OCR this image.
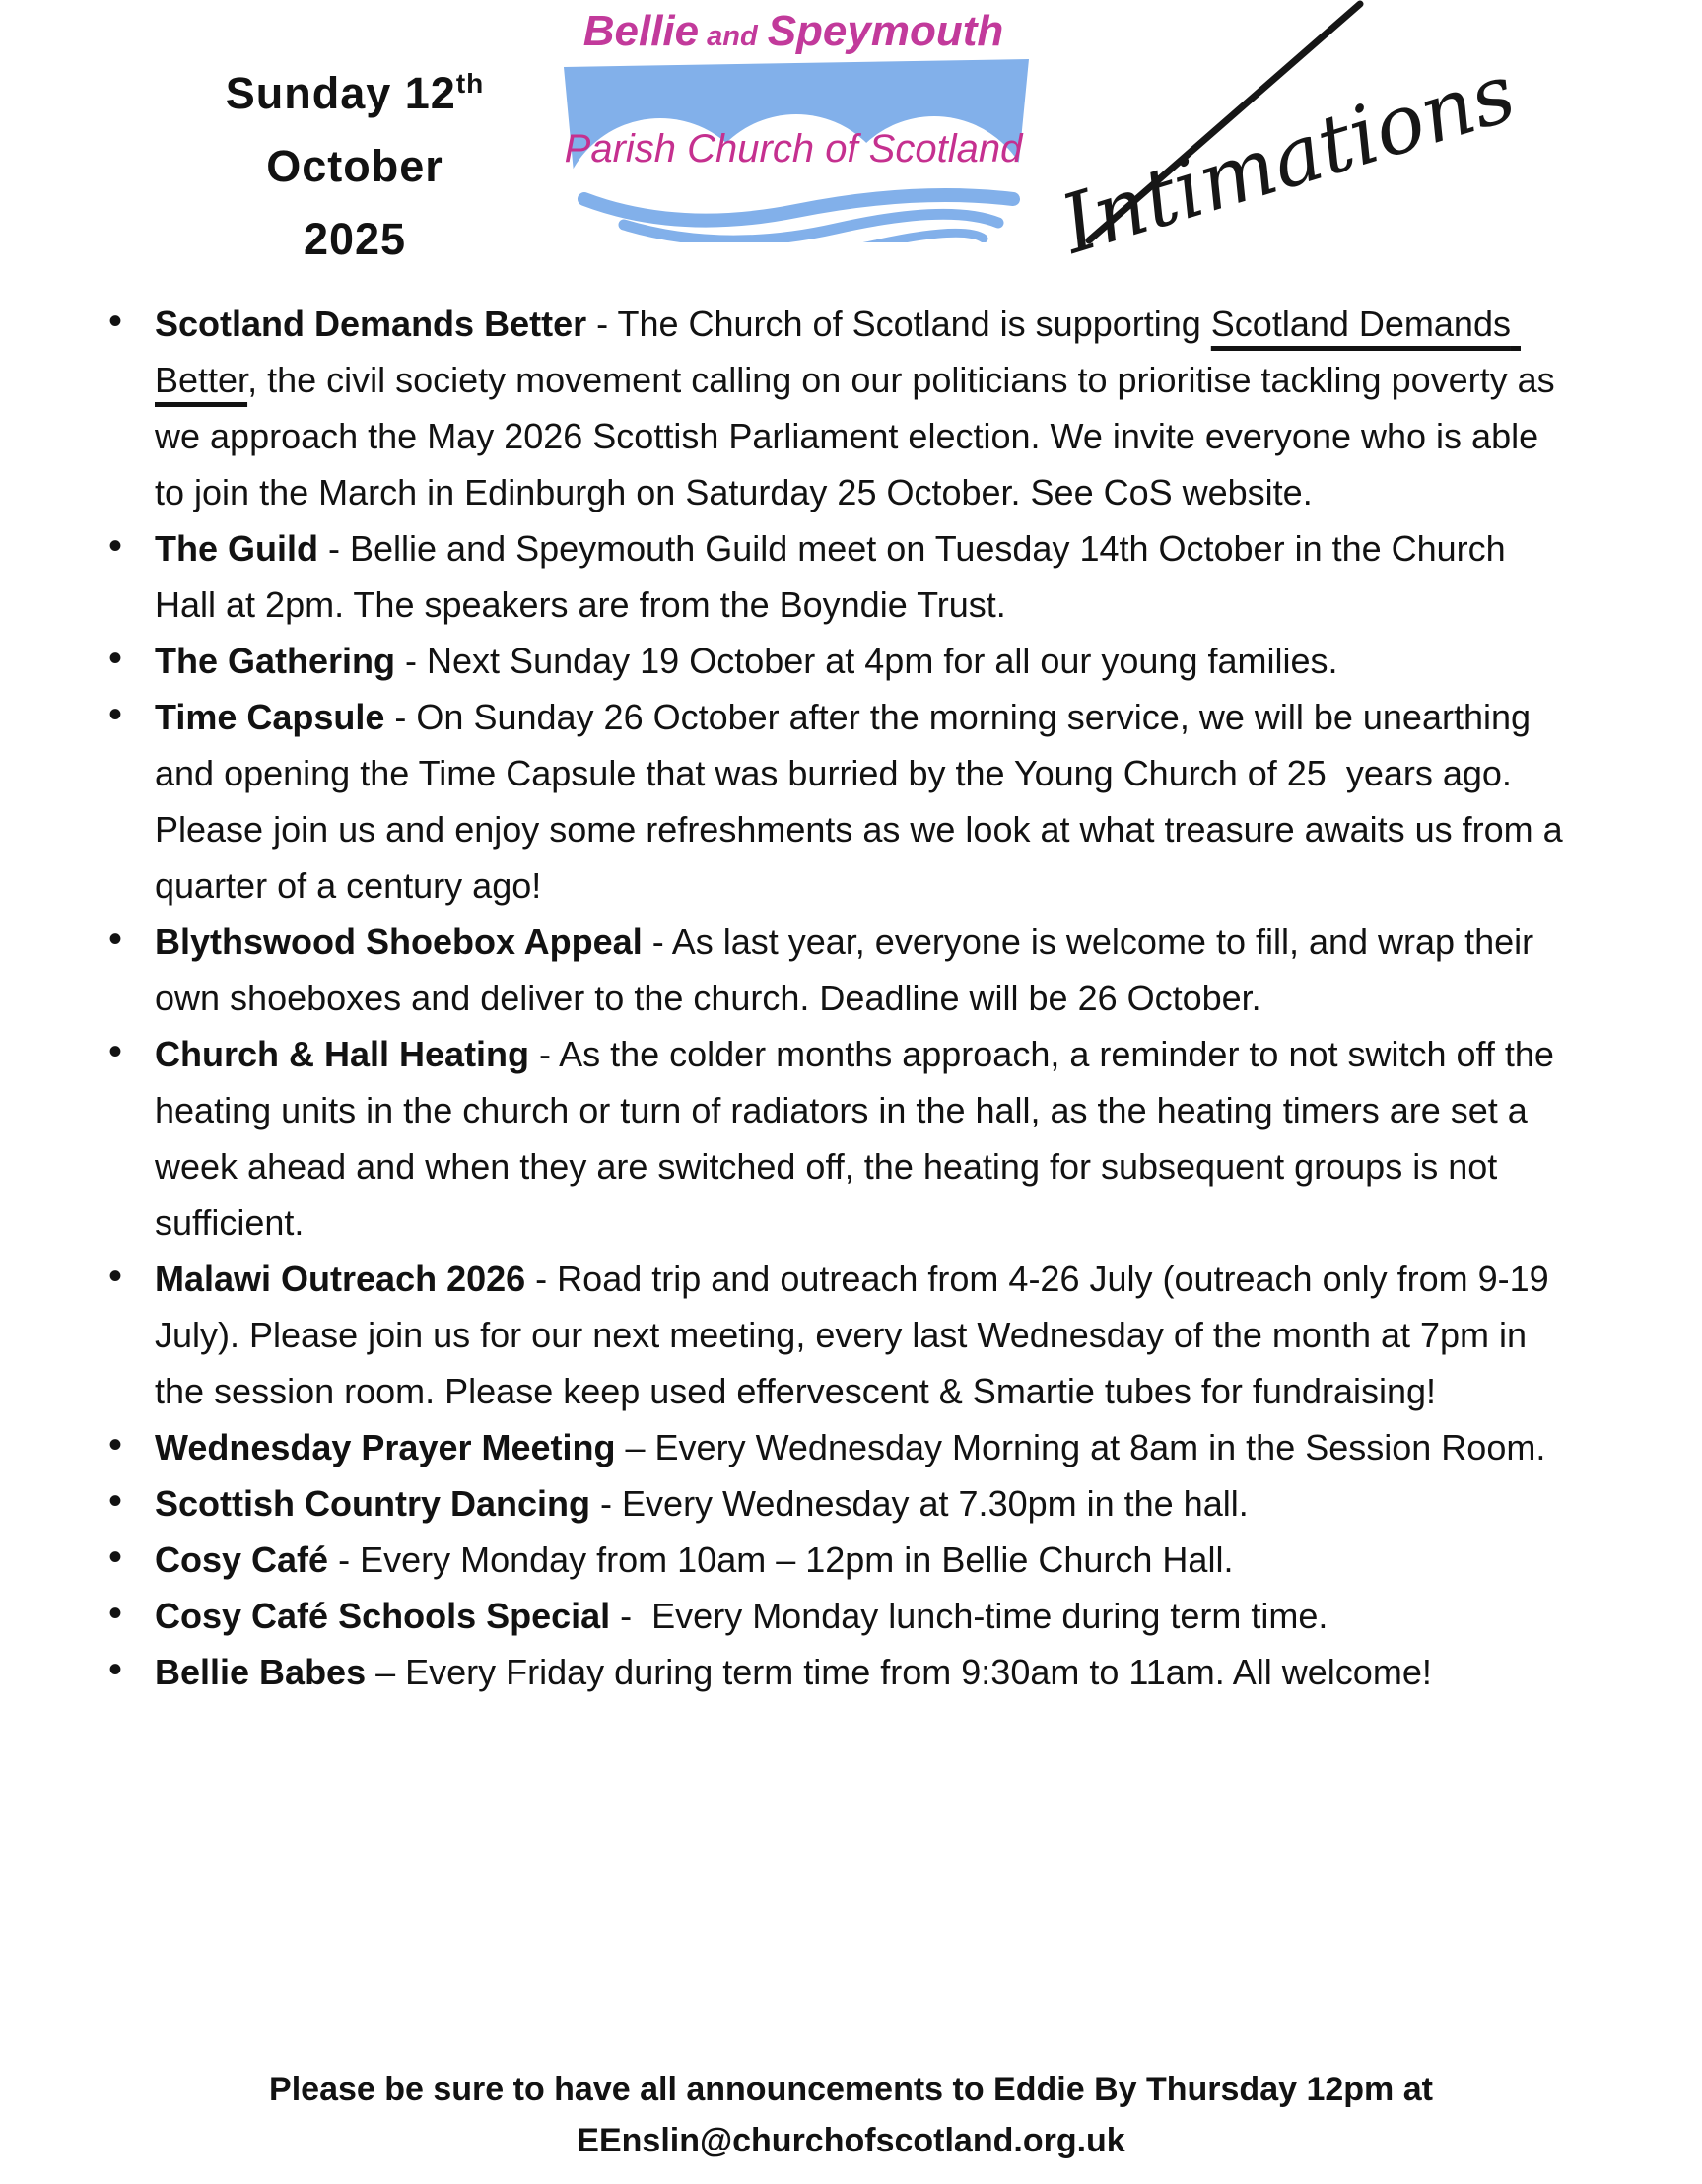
Sunday 12th
October
2025
Bellie and Speymouth
Parish Church of Scotland Intimations
• Scotland Demands Better - The Church of Scotland is supporting Scotland Demands Better, the civil society movement calling on our politicians to prioritise tackling poverty as we approach the May 2026 Scottish Parliament election. We invite everyone who is able to join the March in Edinburgh on Saturday 25 October. See CoS website.
• The Guild - Bellie and Speymouth Guild meet on Tuesday 14th October in the Church Hall at 2pm. The speakers are from the Boyndie Trust.
• The Gathering - Next Sunday 19 October at 4pm for all our young families.
• Time Capsule - On Sunday 26 October after the morning service, we will be unearthing and opening the Time Capsule that was burried by the Young Church of 25  years ago. Please join us and enjoy some refreshments as we look at what treasure awaits us from a quarter of a century ago!
• Blythswood Shoebox Appeal - As last year, everyone is welcome to fill, and wrap their own shoeboxes and deliver to the church. Deadline will be 26 October.
• Church & Hall Heating - As the colder months approach, a reminder to not switch off the heating units in the church or turn of radiators in the hall, as the heating timers are set a week ahead and when they are switched off, the heating for subsequent groups is not sufficient.
• Malawi Outreach 2026 - Road trip and outreach from 4-26 July (outreach only from 9-19 July). Please join us for our next meeting, every last Wednesday of the month at 7pm in the session room. Please keep used effervescent & Smartie tubes for fundraising!
• Wednesday Prayer Meeting – Every Wednesday Morning at 8am in the Session Room.
• Scottish Country Dancing - Every Wednesday at 7.30pm in the hall.
• Cosy Café - Every Monday from 10am – 12pm in Bellie Church Hall.
• Cosy Café Schools Special -  Every Monday lunch-time during term time.
• Bellie Babes – Every Friday during term time from 9:30am to 11am. All welcome!
Please be sure to have all announcements to Eddie By Thursday 12pm at
EEnslin@churchofscotland.org.uk
